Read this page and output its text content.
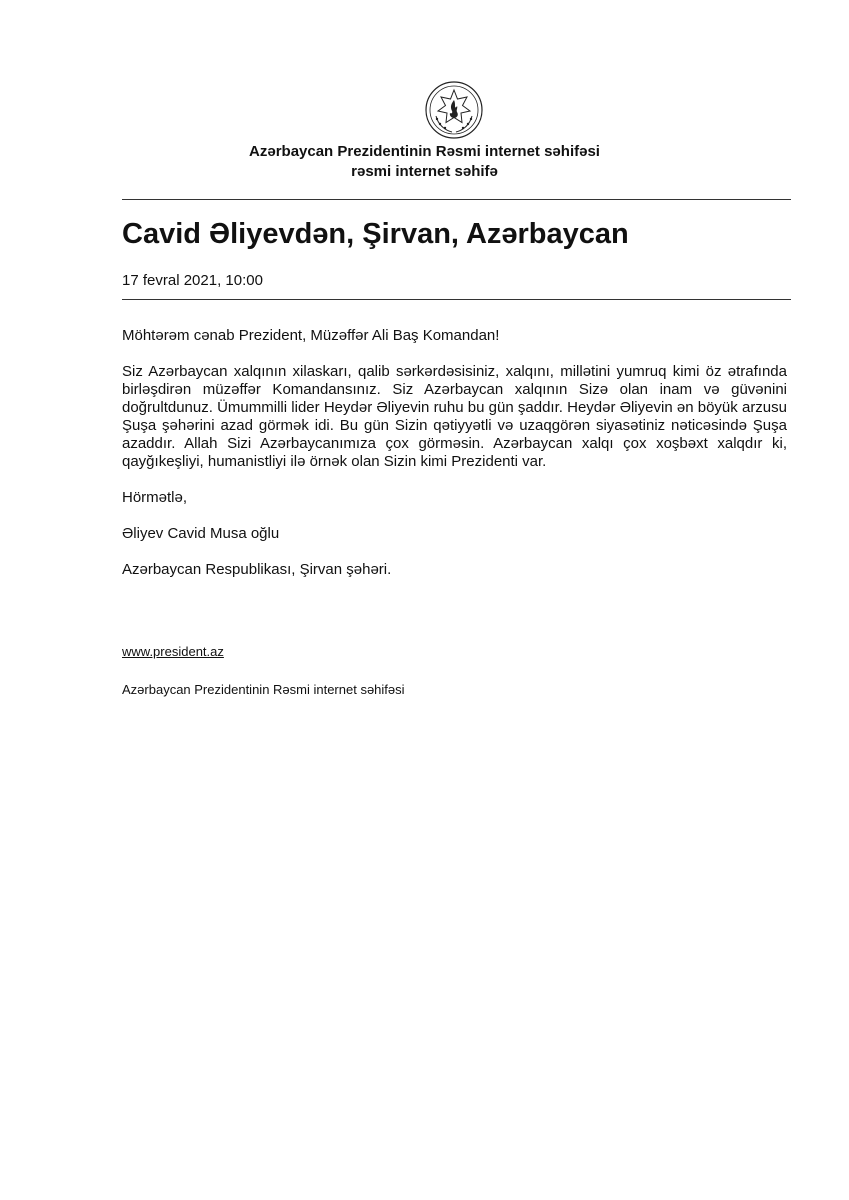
Azərbaycan Prezidentinin Rəsmi internet səhifəsi

rəsmi internet səhifə

Cavid Əliyevdən, Şirvan, Azərbaycan
17 fevral 2021, 10:00

Möhtərəm cənab Prezident, Müzəffər Ali Baş Komandan!

Siz Azərbaycan xalqının xilaskarı, qalib sərkərdəsisiniz, xalqını, millətini yumruq kimi öz ətrafında birləşdirən müzəffər Komandansınız. Siz Azərbaycan xalqının Sizə olan inam və güvənini doğrultdunuz. Ümummilli lider Heydər Əliyevin ruhu bu gün şaddır. Heydər Əliyevin ən böyük arzusu Şuşa şəhərini azad görmək idi. Bu gün Sizin qətiyyətli və uzaqgörən siyasətiniz nəticəsində Şuşa azaddır. Allah Sizi Azərbaycanımıza çox görməsin. Azərbaycan xalqı çox xoşbəxt xalqdır ki, qayğıkeşliyi, humanistliyi ilə örnək olan Sizin kimi Prezidenti var.

Hörmətlə,

Əliyev Cavid Musa oğlu

Azərbaycan Respublikası, Şirvan şəhəri.

www.president.az
Azərbaycan Prezidentinin Rəsmi internet səhifəsi
